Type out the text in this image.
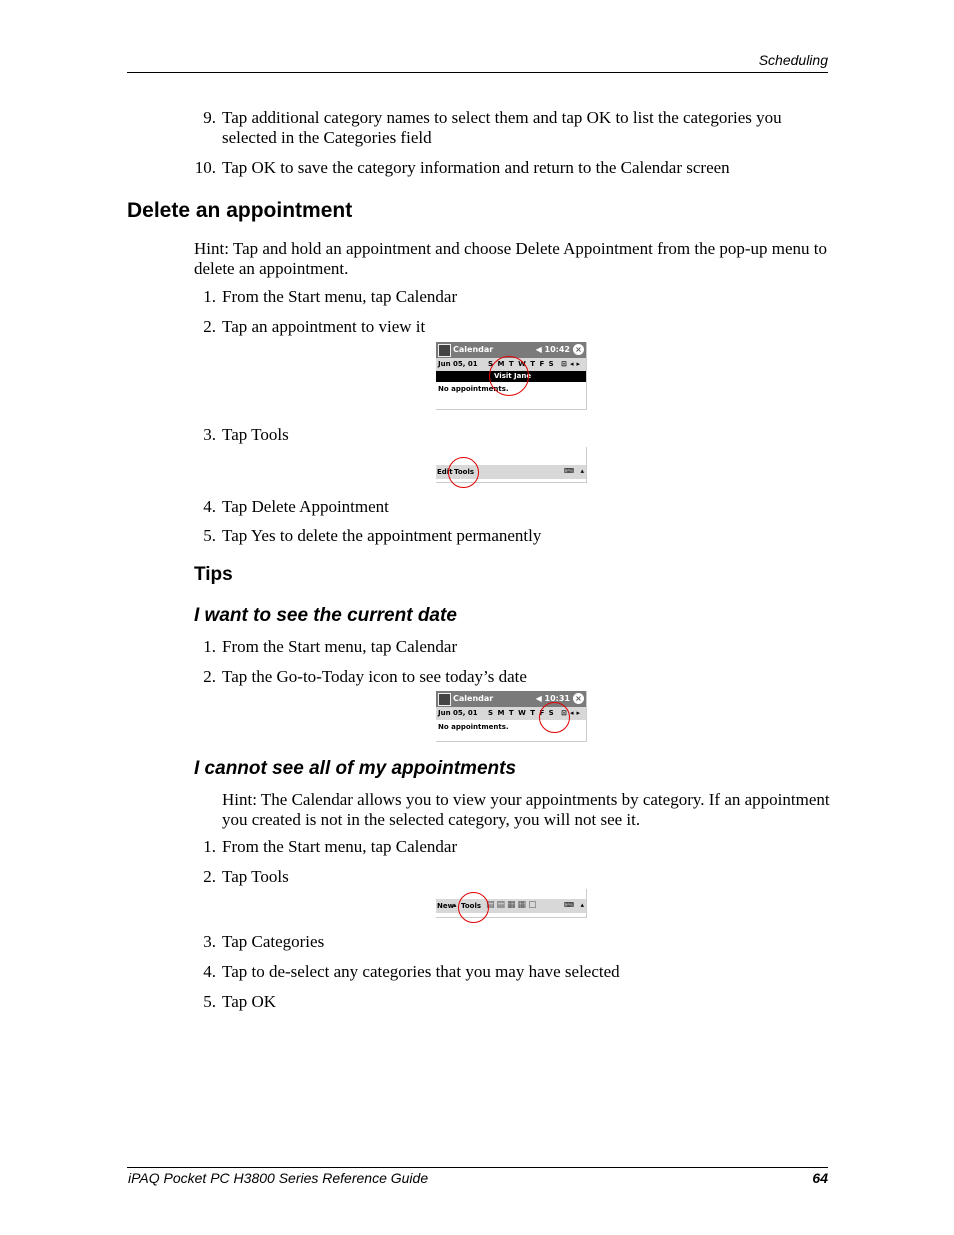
Scheduling
9. Tap additional category names to select them and tap OK to list the categories you
selected in the Categories field
10. Tap OK to save the category information and return to the Calendar screen
Delete an appointment
Hint: Tap and hold an appointment and choose Delete Appointment from the pop-up menu to
delete an appointment.
1. From the Start menu, tap Calendar
2. Tap an appointment to view it
Calendar	◀ 10:42 ×
Jun 05, 01 S M T W T F S ⊡◂▸
Visit Jane
No appointments.
3. Tap Tools
Edit Tools	⌨ ▴
4. Tap Delete Appointment
5. Tap Yes to delete the appointment permanently
Tips
I want to see the current date
1. From the Start menu, tap Calendar
2. Tap the Go-to-Today icon to see today’s date
Calendar	◀ 10:31 ×
Jun 05, 01 S M T W T F S ⊡◂▸
No appointments.
I cannot see all of my appointments
Hint: The Calendar allows you to view your appointments by category. If an appointment
you created is not in the selected category, you will not see it.
1. From the Start menu, tap Calendar
2. Tap Tools
New
▴ Tools ▤▤▦▦▢	⌨ ▴
3. Tap Categories
4. Tap to de-select any categories that you may have selected
5. Tap OK
iPAQ Pocket PC H3800 Series Reference Guide	64
